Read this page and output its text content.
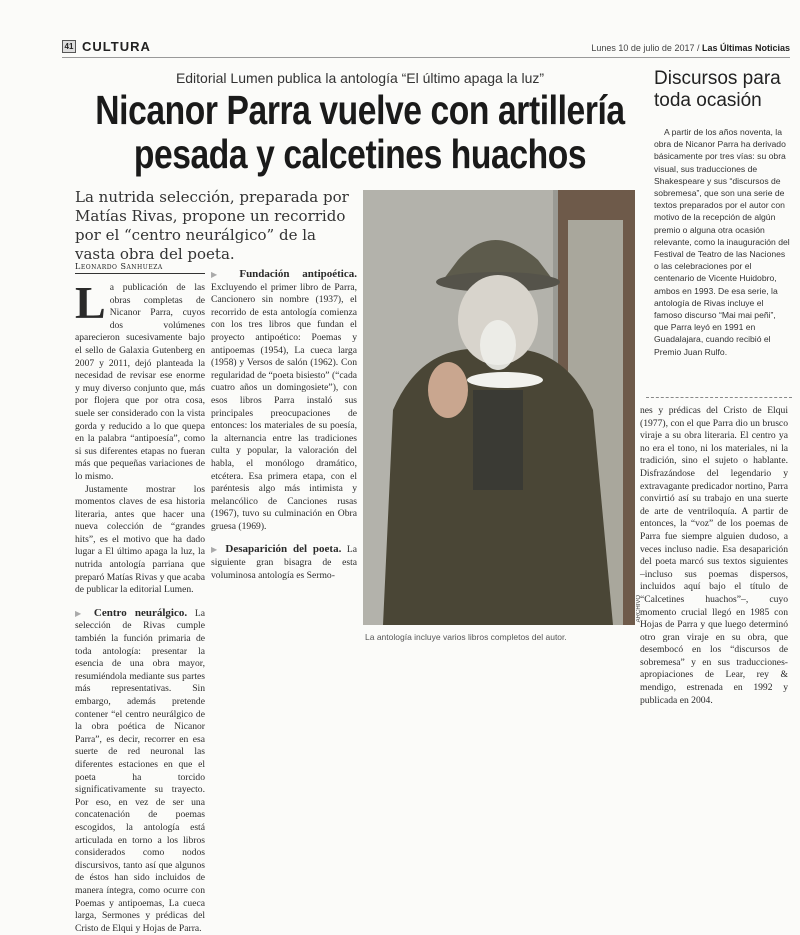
41 CULTURA	Lunes 10 de julio de 2017 / Las Últimas Noticias
Editorial Lumen publica la antología “El último apaga la luz”
Nicanor Parra vuelve con artillería
pesada y calcetines huachos
La nutrida selección, preparada por Matías Rivas, propone un recorrido por el “centro neurálgico” de la vasta obra del poeta.
Leonardo Sanhueza

La publicación de las obras completas de Nicanor Parra, cuyos dos volúmenes aparecieron sucesivamente bajo el sello de Galaxia Gutenberg en 2007 y 2011, dejó planteada la necesidad de revisar ese enorme y muy diverso conjunto que, más por flojera que por otra cosa, suele ser considerado con la vista gorda y reducido a lo que quepa en la palabra “antipoesía”, como si sus diferentes etapas no fueran más que pequeñas variaciones de lo mismo.

Justamente mostrar los momentos claves de esa historia literaria, antes que hacer una nueva colección de “grandes hits”, es el motivo que ha dado lugar a El último apaga la luz, la nutrida antología parriana que preparó Matías Rivas y que acaba de publicar la editorial Lumen.

▶ Centro neurálgico. La selección de Rivas cumple también la función primaria de toda antología: presentar la esencia de una obra mayor, resumiéndola mediante sus partes más representativas. Sin embargo, además pretende contener “el centro neurálgico de la obra poética de Nicanor Parra”, es decir, recorrer en esa suerte de red neuronal las diferentes estaciones en que el poeta ha torcido significativamente su trayecto. Por eso, en vez de ser una concatenación de poemas escogidos, la antología está articulada en torno a los libros considerados como nodos discursivos, tanto así que algunos de éstos han sido incluidos de manera íntegra, como ocurre con Poemas y antipoemas, La cueca larga, Sermones y prédicas del Cristo de Elqui y Hojas de Parra.

▶ Fundación antipoética. Excluyendo el primer libro de Parra, Cancionero sin nombre (1937), el recorrido de esta antología comienza con los tres libros que fundan el proyecto antipoético: Poemas y antipoemas (1954), La cueca larga (1958) y Versos de salón (1962). Con regularidad de “poeta bisiesto” (“cada cuatro años un domingosiete”), con esos libros Parra instaló sus principales preocupaciones de entonces: los materiales de su poesía, la alternancia entre las tradiciones culta y popular, la valoración del habla, el monólogo dramático, etcétera. Esa primera etapa, con el paréntesis algo más intimista y melancólico de Canciones rusas (1967), tuvo su culminación en Obra gruesa (1969).

▶ Desaparición del poeta. La siguiente gran bisagra de esta voluminosa antología es Sermo-

ARCHIVO
La antología incluye varios libros completos del autor.
Discursos para toda ocasión

A partir de los años noventa, la obra de Nicanor Parra ha derivado básicamente por tres vías: su obra visual, sus traducciones de Shakespeare y sus “discursos de sobremesa”, que son una serie de textos preparados por el autor con motivo de la recepción de algún premio o alguna otra ocasión relevante, como la inauguración del Festival de Teatro de las Naciones o las celebraciones por el centenario de Vicente Huidobro, ambos en 1993. De esa serie, la antología de Rivas incluye el famoso discurso “Mai mai peñi”, que Parra leyó en 1991 en Guadalajara, cuando recibió el Premio Juan Rulfo.

nes y prédicas del Cristo de Elqui (1977), con el que Parra dio un brusco viraje a su obra literaria. El centro ya no era el tono, ni los materiales, ni la tradición, sino el sujeto o hablante. Disfrazándose del legendario y extravagante predicador nortino, Parra convirtió así su trabajo en una suerte de arte de ventriloquía. A partir de entonces, la “voz” de los poemas de Parra fue siempre alguien dudoso, a veces incluso nadie. Esa desaparición del poeta marcó sus textos siguientes –incluso sus poemas dispersos, incluidos aquí bajo el título de “Calcetines huachos”–, cuyo momento crucial llegó en 1985 con Hojas de Parra y que luego determinó otro gran viraje en su obra, que desembocó en los “discursos de sobremesa” y en sus traducciones-apropiaciones de Lear, rey & mendigo, estrenada en 1992 y publicada en 2004.
